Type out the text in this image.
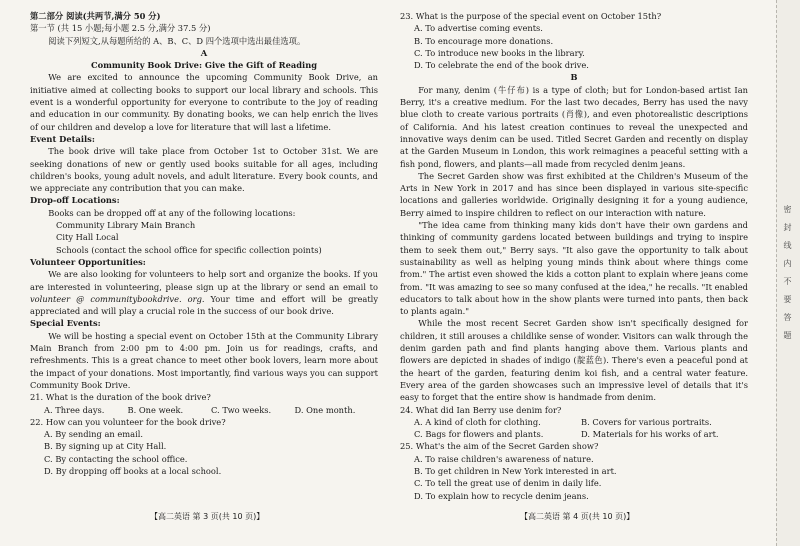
第二部分 阅读(共两节,满分 50 分)

第一节 (共 15 小题;每小题 2.5 分,满分 37.5 分)

阅读下列短文,从每题所给的 A、B、C、D 四个选项中选出最佳选项。

A

Community Book Drive: Give the Gift of Reading

We are excited to announce the upcoming Community Book Drive, an initiative aimed at collecting books to support our local library and schools. This event is a wonderful opportunity for everyone to contribute to the joy of reading and education in our community. By donating books, we can help enrich the lives of our children and develop a love for literature that will last a lifetime.

Event Details:

The book drive will take place from October 1st to October 31st. We are seeking donations of new or gently used books suitable for all ages, including children's books, young adult novels, and adult literature. Every book counts, and we appreciate any contribution that you can make.

Drop-off Locations:

Books can be dropped off at any of the following locations:

Community Library Main Branch

City Hall Local

Schools (contact the school office for specific collection points)

Volunteer Opportunities:

We are also looking for volunteers to help sort and organize the books. If you are interested in volunteering, please sign up at the library or send an email to volunteer @ communitybookdrive. org. Your time and effort will be greatly appreciated and will play a crucial role in the success of our book drive.

Special Events:

We will be hosting a special event on October 15th at the Community Library Main Branch from 2:00 pm to 4:00 pm. Join us for readings, crafts, and refreshments. This is a great chance to meet other book lovers, learn more about the impact of your donations. Most importantly, find various ways you can support Community Book Drive.

21. What is the duration of the book drive?

A. Three days.	B. One week.	C. Two weeks.	D. One month.

22. How can you volunteer for the book drive?

A. By sending an email.

B. By signing up at City Hall.

C. By contacting the school office.

D. By dropping off books at a local school.

【高二英语 第 3 页(共 10 页)】

23. What is the purpose of the special event on October 15th?

A. To advertise coming events.

B. To encourage more donations.

C. To introduce new books in the library.

D. To celebrate the end of the book drive.

B

For many, denim (牛仔布) is a type of cloth; but for London-based artist Ian Berry, it's a creative medium. For the last two decades, Berry has used the navy blue cloth to create various portraits (肖像), and even photorealistic descriptions of California. And his latest creation continues to reveal the unexpected and innovative ways denim can be used. Titled Secret Garden and recently on display at the Garden Museum in London, this work reimagines a peaceful setting with a fish pond, flowers, and plants—all made from recycled denim jeans.

The Secret Garden show was first exhibited at the Children's Museum of the Arts in New York in 2017 and has since been displayed in various site-specific locations and galleries worldwide. Originally designing it for a young audience, Berry aimed to inspire children to reflect on our interaction with nature.

"The idea came from thinking many kids don't have their own gardens and thinking of community gardens located between buildings and trying to inspire them to seek them out," Berry says. "It also gave the opportunity to talk about sustainability as well as helping young minds think about where things come from." The artist even showed the kids a cotton plant to explain where jeans come from. "It was amazing to see so many confused at the idea," he recalls. "It enabled educators to talk about how in the show plants were turned into pants, then back to plants again."

While the most recent Secret Garden show isn't specifically designed for children, it still arouses a childlike sense of wonder. Visitors can walk through the denim garden path and find plants hanging above them. Various plants and flowers are depicted in shades of indigo (靛蓝色). There's even a peaceful pond at the heart of the garden, featuring denim koi fish, and a central water feature. Every area of the garden showcases such an impressive level of details that it's easy to forget that the entire show is handmade from denim.

24. What did Ian Berry use denim for?

A. A kind of cloth for clothing.	B. Covers for various portraits.
C. Bags for flowers and plants.	D. Materials for his works of art.

25. What's the aim of the Secret Garden show?

A. To raise children's awareness of nature.

B. To get children in New York interested in art.

C. To tell the great use of denim in daily life.

D. To explain how to recycle denim jeans.

【高二英语 第 4 页(共 10 页)】
密封线内不要答题
